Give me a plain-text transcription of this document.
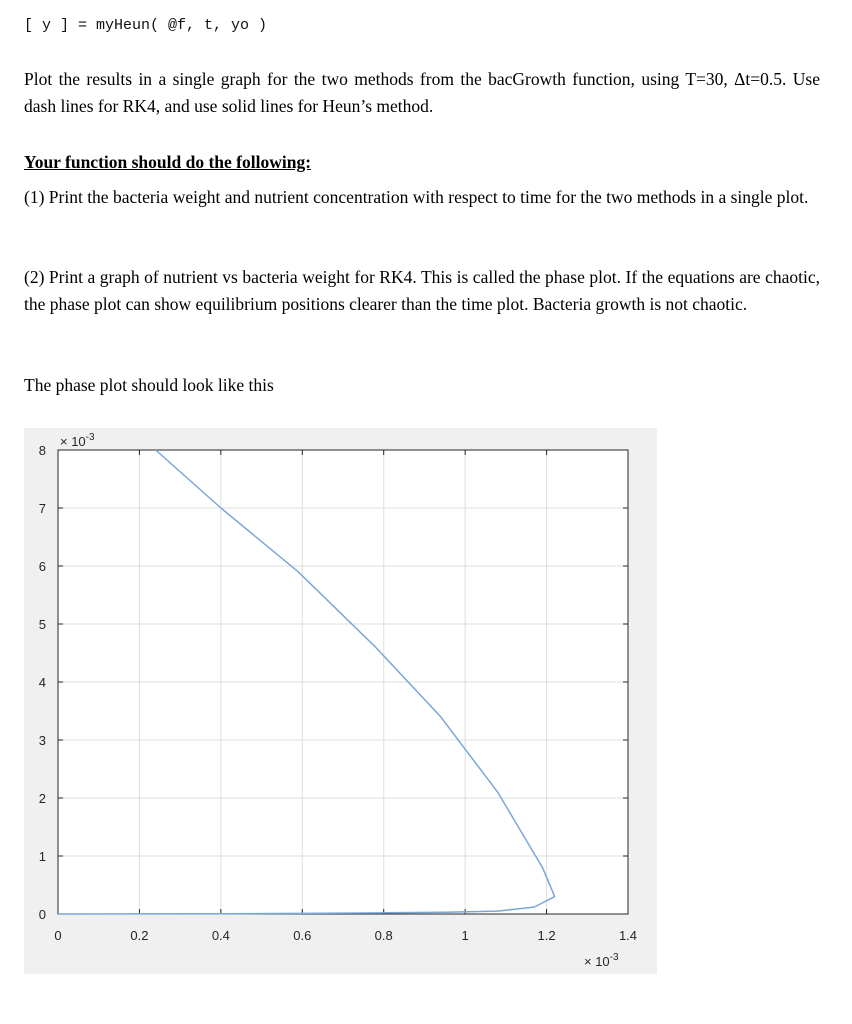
[ y ] = myHeun( @f, t, yo )
Plot the results in a single graph for the two methods from the bacGrowth function, using T=30, Δt=0.5. Use dash lines for RK4, and use solid lines for Heun’s method.
Your function should do the following:
(1) Print the bacteria weight and nutrient concentration with respect to time for the two methods in a single plot.
(2) Print a graph of nutrient vs bacteria weight for RK4. This is called the phase plot. If the equations are chaotic, the phase plot can show equilibrium positions clearer than the time plot. Bacteria growth is not chaotic.
The phase plot should look like this
0	0.2	0.4	0.6	0.8	1	1.2	1.4
0
1
2
3
4
5
6
7
8
× $10^{-3}$
× $10^{-3}$
